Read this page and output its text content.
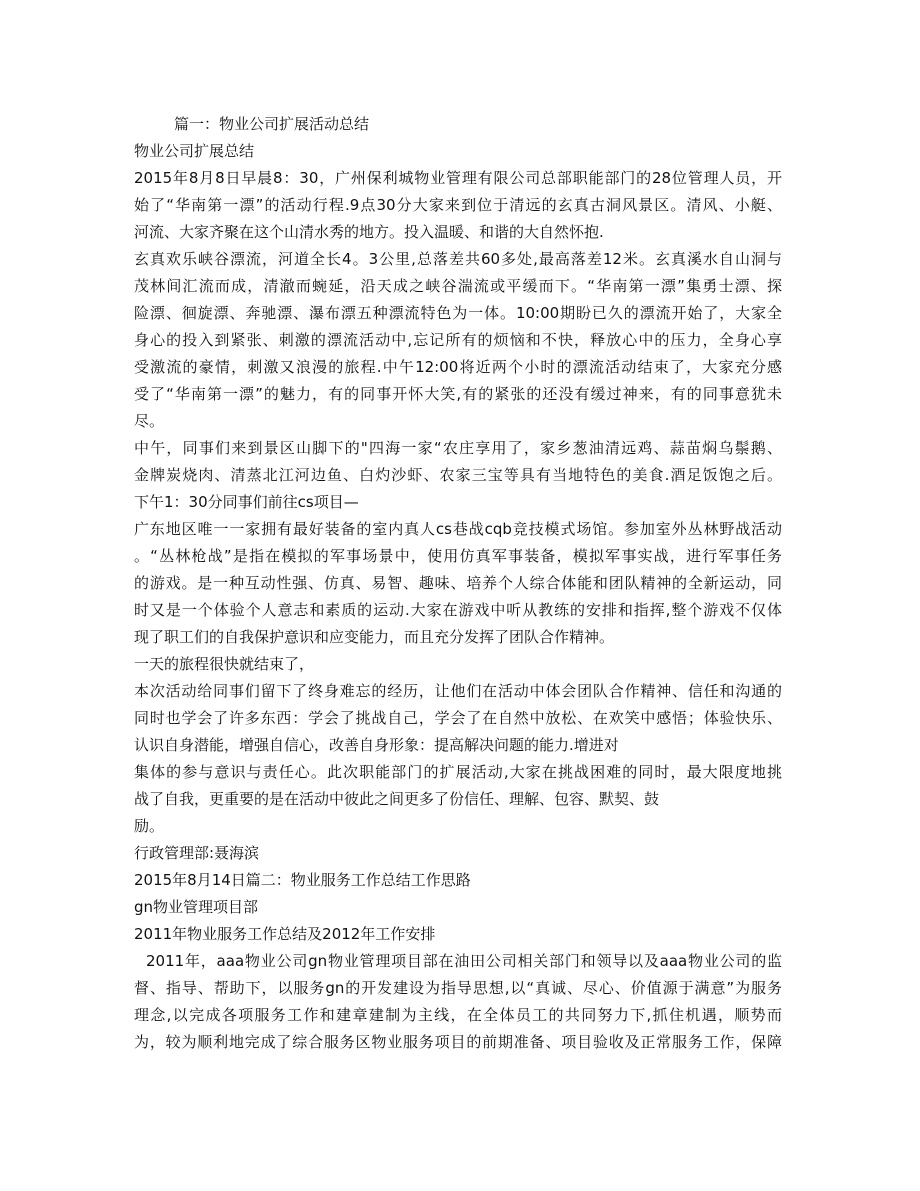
篇一：物业公司扩展活动总结
物业公司扩展总结
2015年8月8日早晨8：30，广州保利城物业管理有限公司总部职能部门的28位管理人员，开
始了“华南第一漂”的活动行程.9点30分大家来到位于清远的玄真古洞风景区。清风、小艇、
河流、大家齐聚在这个山清水秀的地方。投入温暖、和谐的大自然怀抱.
玄真欢乐峡谷漂流，河道全长4。3公里,总落差共60多处,最高落差12米。玄真溪水自山洞与
茂林间汇流而成，清澈而蜿延，沿天成之峡谷湍流或平缓而下。“华南第一漂”集勇士漂、探
险漂、徊旋漂、奔驰漂、瀑布漂五种漂流特色为一体。10:00期盼已久的漂流开始了，大家全
身心的投入到紧张、刺激的漂流活动中,忘记所有的烦恼和不快，释放心中的压力，全身心享
受激流的豪情，刺激又浪漫的旅程.中午12:00将近两个小时的漂流活动结束了，大家充分感
受了“华南第一漂”的魅力，有的同事开怀大笑,有的紧张的还没有缓过神来，有的同事意犹未
尽。
中午，同事们来到景区山脚下的"四海一家“农庄享用了，家乡葱油清远鸡、蒜苗焖乌鬃鹅、
金牌炭烧肉、清蒸北江河边鱼、白灼沙虾、农家三宝等具有当地特色的美食.酒足饭饱之后。
下午1：30分同事们前往cs项目—
广东地区唯一一家拥有最好装备的室内真人cs巷战cqb竞技模式场馆。参加室外丛林野战活动
。“丛林枪战”是指在模拟的军事场景中，使用仿真军事装备，模拟军事实战，进行军事任务
的游戏。是一种互动性强、仿真、易智、趣味、培养个人综合体能和团队精神的全新运动，同
时又是一个体验个人意志和素质的运动.大家在游戏中听从教练的安排和指挥,整个游戏不仅体
现了职工们的自我保护意识和应变能力，而且充分发挥了团队合作精神。
一天的旅程很快就结束了，
本次活动给同事们留下了终身难忘的经历，让他们在活动中体会团队合作精神、信任和沟通的
同时也学会了许多东西：学会了挑战自己，学会了在自然中放松、在欢笑中感悟；体验快乐、
认识自身潜能，增强自信心，改善自身形象：提高解决问题的能力.增进对
集体的参与意识与责任心。此次职能部门的扩展活动,大家在挑战困难的同时，最大限度地挑
战了自我，更重要的是在活动中彼此之间更多了份信任、理解、包容、默契、鼓
励。
行政管理部:聂海滨
2015年8月14日篇二：物业服务工作总结工作思路
gn物业管理项目部
2011年物业服务工作总结及2012年工作安排
2011年，aaa物业公司gn物业管理项目部在油田公司相关部门和领导以及aaa物业公司的监
督、指导、帮助下，以服务gn的开发建设为指导思想,以“真诚、尽心、价值源于满意”为服务
理念,以完成各项服务工作和建章建制为主线，在全体员工的共同努力下,抓住机遇，顺势而
为，较为顺利地完成了综合服务区物业服务项目的前期准备、项目验收及正常服务工作，保障
